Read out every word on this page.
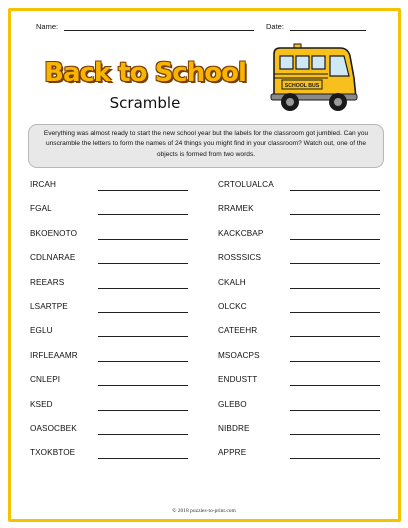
Name:	Date:
Back to School
Scramble
SCHOOL BUS
Everything was almost ready to start the new school year but the labels for the classroom got jumbled. Can you unscramble the letters to form the names of 24 things you might find in your classroom? Watch out, one of the objects is formed from two words.
IRCAH
FGAL
BKOENOTO
CDLNARAE
REEARS
LSARTPE
EGLU
IRFLEAAMR
CNLEPI
KSED
OASOCBEK
TXOKBTOE
CRTOLUALCA
RRAMEK
KACKCBAP
ROSSSICS
CKALH
OLCKC
CATEEHR
MSOACPS
ENDUSTT
GLEBO
NIBDRE
APPRE
© 2018 puzzles-to-print.com
